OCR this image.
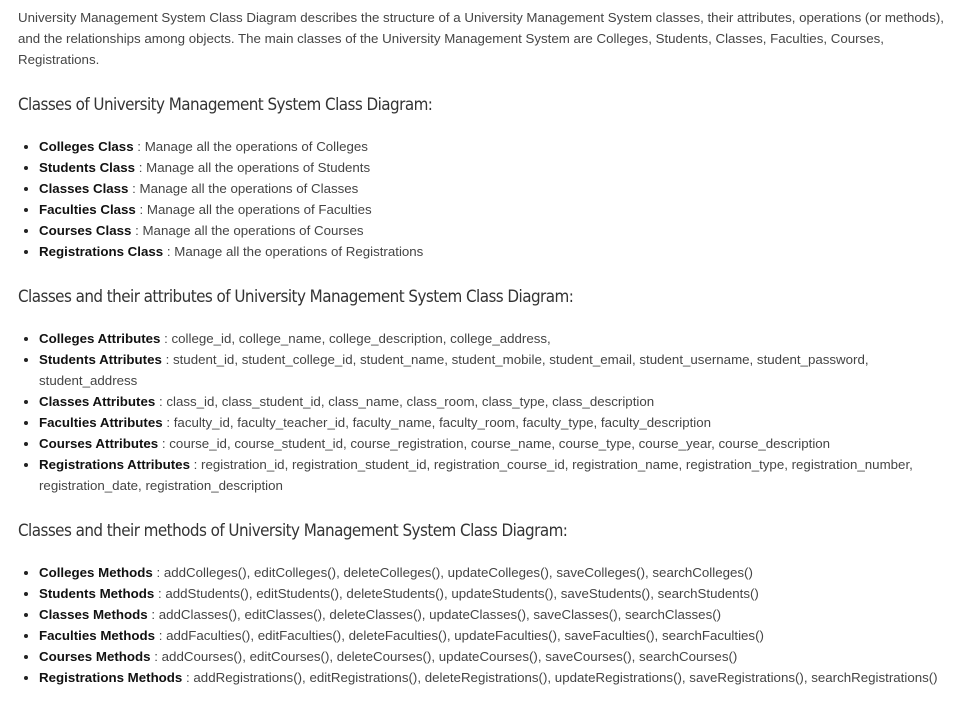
University Management System Class Diagram describes the structure of a University Management System classes, their attributes, operations (or methods), and the relationships among objects. The main classes of the University Management System are Colleges, Students, Classes, Faculties, Courses, Registrations.

Classes of University Management System Class Diagram:
• Colleges Class : Manage all the operations of Colleges
• Students Class : Manage all the operations of Students
• Classes Class : Manage all the operations of Classes
• Faculties Class : Manage all the operations of Faculties
• Courses Class : Manage all the operations of Courses
• Registrations Class : Manage all the operations of Registrations
Classes and their attributes of University Management System Class Diagram:
• Colleges Attributes : college_id, college_name, college_description, college_address,
• Students Attributes : student_id, student_college_id, student_name, student_mobile, student_email, student_username, student_password, student_address
• Classes Attributes : class_id, class_student_id, class_name, class_room, class_type, class_description
• Faculties Attributes : faculty_id, faculty_teacher_id, faculty_name, faculty_room, faculty_type, faculty_description
• Courses Attributes : course_id, course_student_id, course_registration, course_name, course_type, course_year, course_description
• Registrations Attributes : registration_id, registration_student_id, registration_course_id, registration_name, registration_type, registration_number, registration_date, registration_description
Classes and their methods of University Management System Class Diagram:
• Colleges Methods : addColleges(), editColleges(), deleteColleges(), updateColleges(), saveColleges(), searchColleges()
• Students Methods : addStudents(), editStudents(), deleteStudents(), updateStudents(), saveStudents(), searchStudents()
• Classes Methods : addClasses(), editClasses(), deleteClasses(), updateClasses(), saveClasses(), searchClasses()
• Faculties Methods : addFaculties(), editFaculties(), deleteFaculties(), updateFaculties(), saveFaculties(), searchFaculties()
• Courses Methods : addCourses(), editCourses(), deleteCourses(), updateCourses(), saveCourses(), searchCourses()
• Registrations Methods : addRegistrations(), editRegistrations(), deleteRegistrations(), updateRegistrations(), saveRegistrations(), searchRegistrations()
